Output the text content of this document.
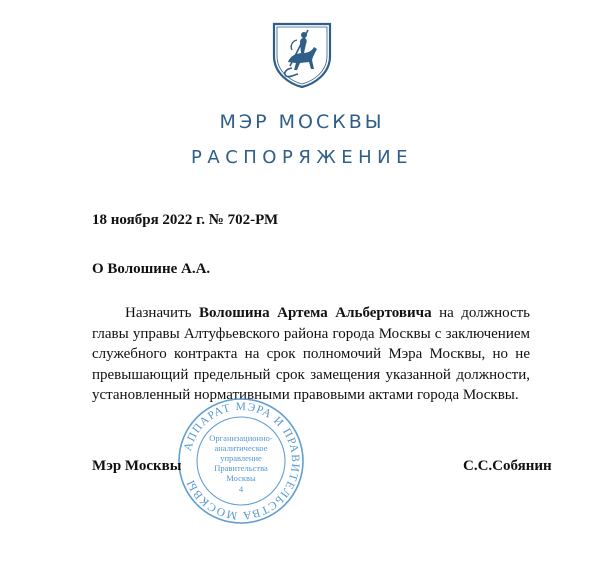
МЭР МОСКВЫ
РАСПОРЯЖЕНИЕ
18 ноября 2022 г. № 702-РМ
О Волошине А.А.
Назначить Волошина Артема Альбертовича на должность главы управы Алтуфьевского района города Москвы с заключением служебного контракта на срок полномочий Мэра Москвы, но не превышающий предельный срок замещения указанной должности, установленный нормативными правовыми актами города Москвы.
АППАРАТ МЭРА И ПРАВИТЕЛЬСТВА МОСКВЫ
Организационно-
аналитическое
управление
Правительства
Москвы
4
Мэр Москвы	С.С.Собянин
